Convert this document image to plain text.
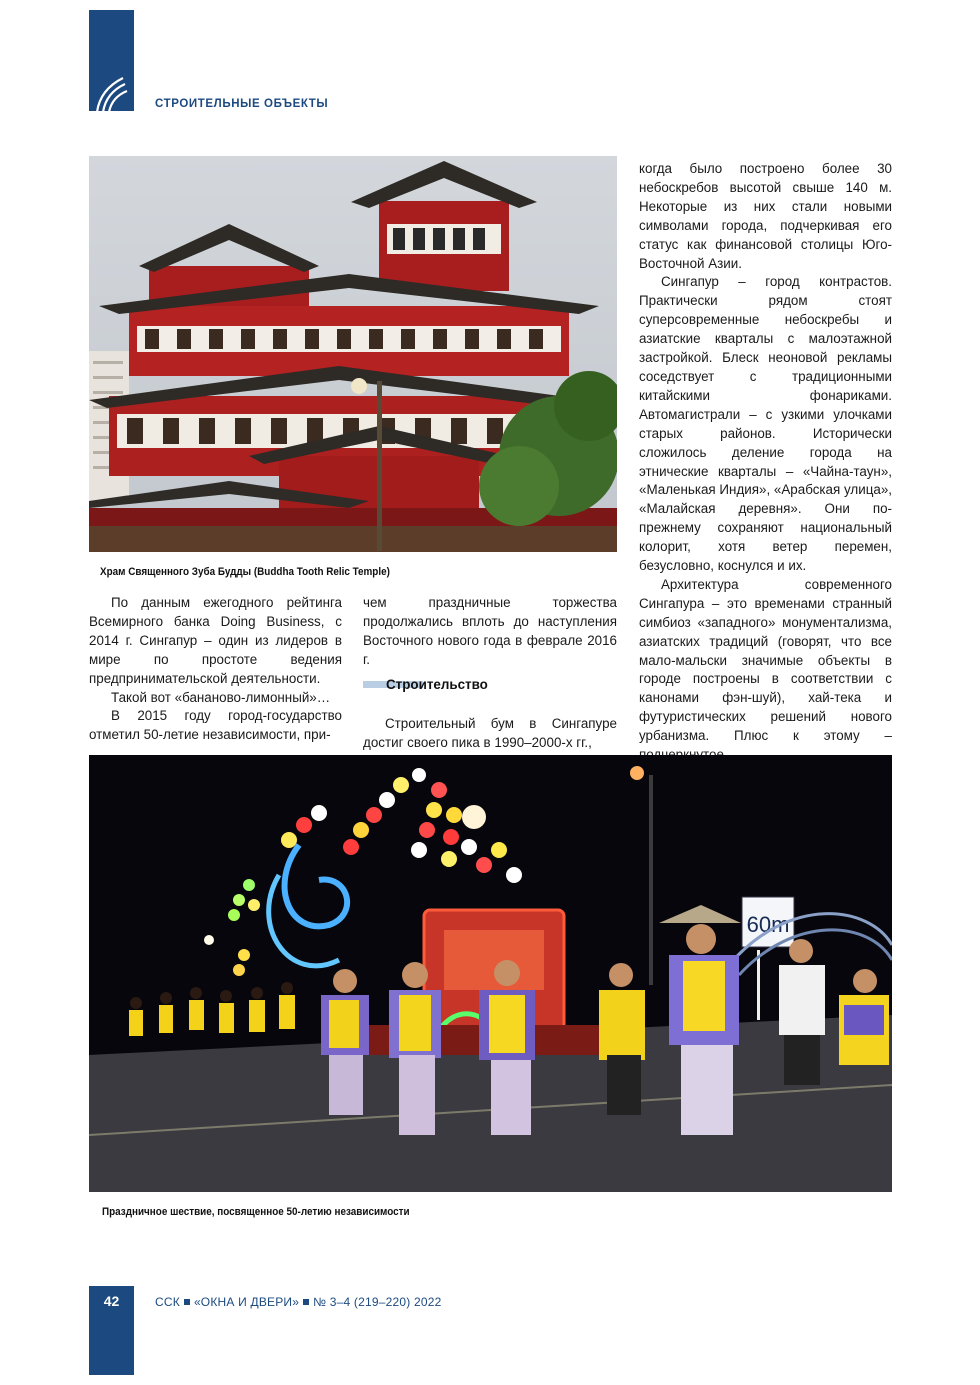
СТРОИТЕЛЬНЫЕ ОБЪЕКТЫ
Храм Священного Зуба Будды (Buddha Tooth Relic Temple)

По данным ежегодного рейтинга Всемирного банка Doing Business, с 2014 г. Сингапур – один из лидеров в мире по простоте ведения предпринимательской деятельности.

Такой вот «бананово-лимонный»…

В 2015 году город-государство отметил 50-летие независимости, при-

чем праздничные торжества продолжались вплоть до наступления Восточного нового года в феврале 2016 г.

Строительный бум в Сингапуре достиг своего пика в 1990–2000-х гг.,

Строительство

когда было построено более 30 небоскребов высотой свыше 140 м. Некоторые из них стали новыми символами города, подчеркивая его статус как финансовой столицы Юго-Восточной Азии.

Сингапур – город контрастов. Практически рядом стоят суперсовременные небоскребы и азиатские кварталы с малоэтажной застройкой. Блеск неоновой рекламы соседствует с традиционными китайскими фонариками. Автомагистрали – с узкими улочками старых районов. Исторически сложилось деление города на этнические кварталы – «Чайна-таун», «Маленькая Индия», «Арабская улица», «Малайская деревня». Они по-прежнему сохраняют национальный колорит, хотя ветер перемен, безусловно, коснулся и их.

Архитектура современного Сингапура – это временами странный симбиоз «западного» монументализма, азиатских традиций (говорят, что все мало-мальски значимые объекты в городе построены в соответствии с канонами фэн-шуй), хай-тека и футуристических решений нового урбанизма. Плюс к этому –

60m
Праздничное шествие, посвященное 50-летию независимости
42	ССК «ОКНА И ДВЕРИ» № 3–4 (219–220) 2022
